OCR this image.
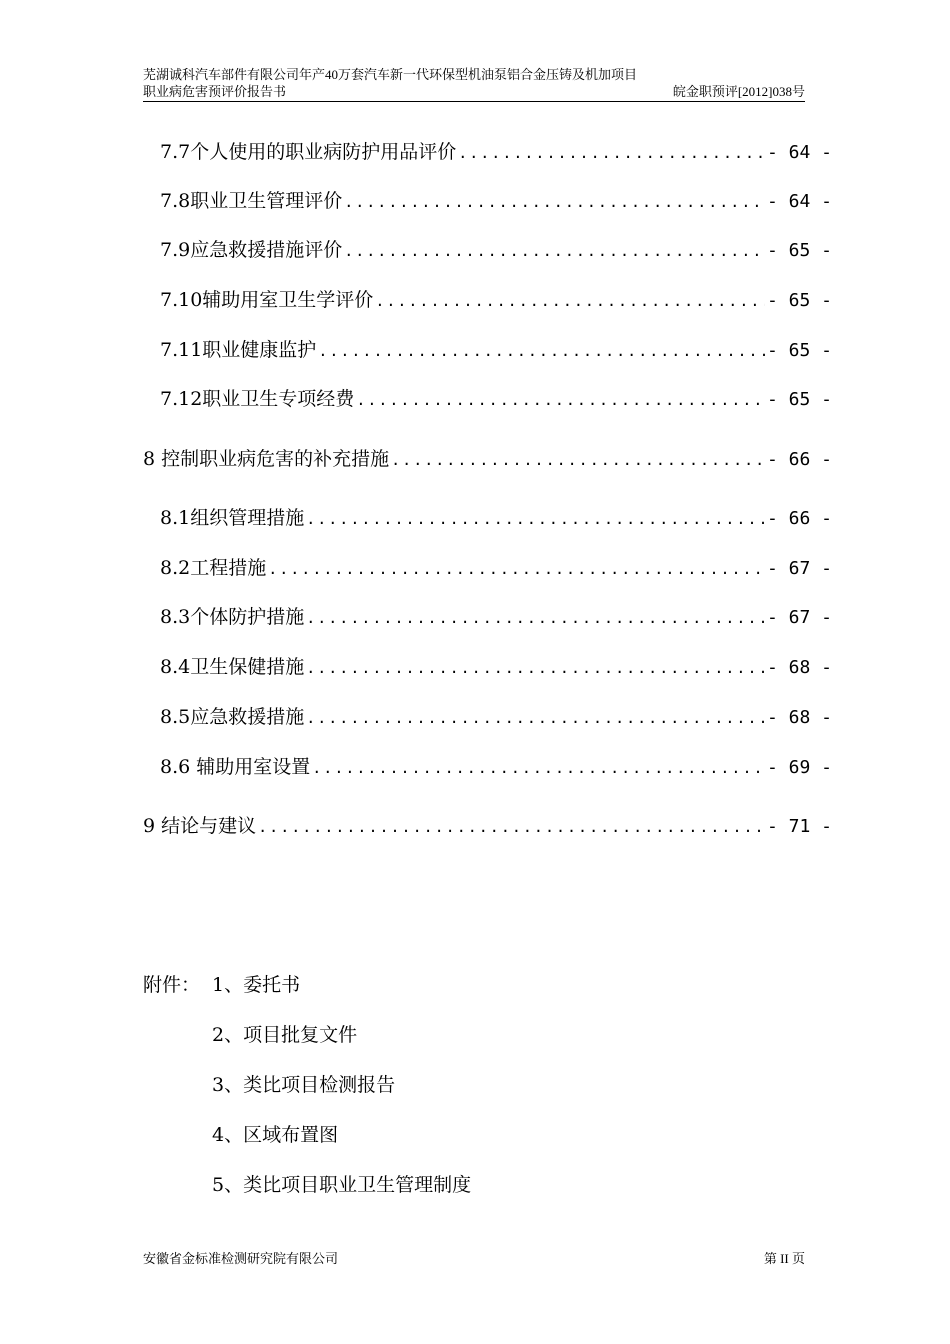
芜湖诚科汽车部件有限公司年产40万套汽车新一代环保型机油泵铝合金压铸及机加项目
职业病危害预评价报告书	皖金职预评[2012]038号
7.7个人使用的职业病防护用品评价 .....	- 64 -
7.8职业卫生管理评价 .....	- 64 -
7.9应急救援措施评价 .....	- 65 -
7.10辅助用室卫生学评价 .....	- 65 -
7.11职业健康监护 .....	- 65 -
7.12职业卫生专项经费 .....	- 65 -
8 控制职业病危害的补充措施 .....	- 66 -
8.1组织管理措施 .....	- 66 -
8.2工程措施 .....	- 67 -
8.3个体防护措施 .....	- 67 -
8.4卫生保健措施 .....	- 68 -
8.5应急救援措施 .....	- 68 -
8.6 辅助用室设置 .....	- 69 -
9 结论与建议 .....	- 71 -
附件： 1、委托书
2、项目批复文件
3、类比项目检测报告
4、区域布置图
5、类比项目职业卫生管理制度
安徽省金标准检测研究院有限公司	第 II 页
